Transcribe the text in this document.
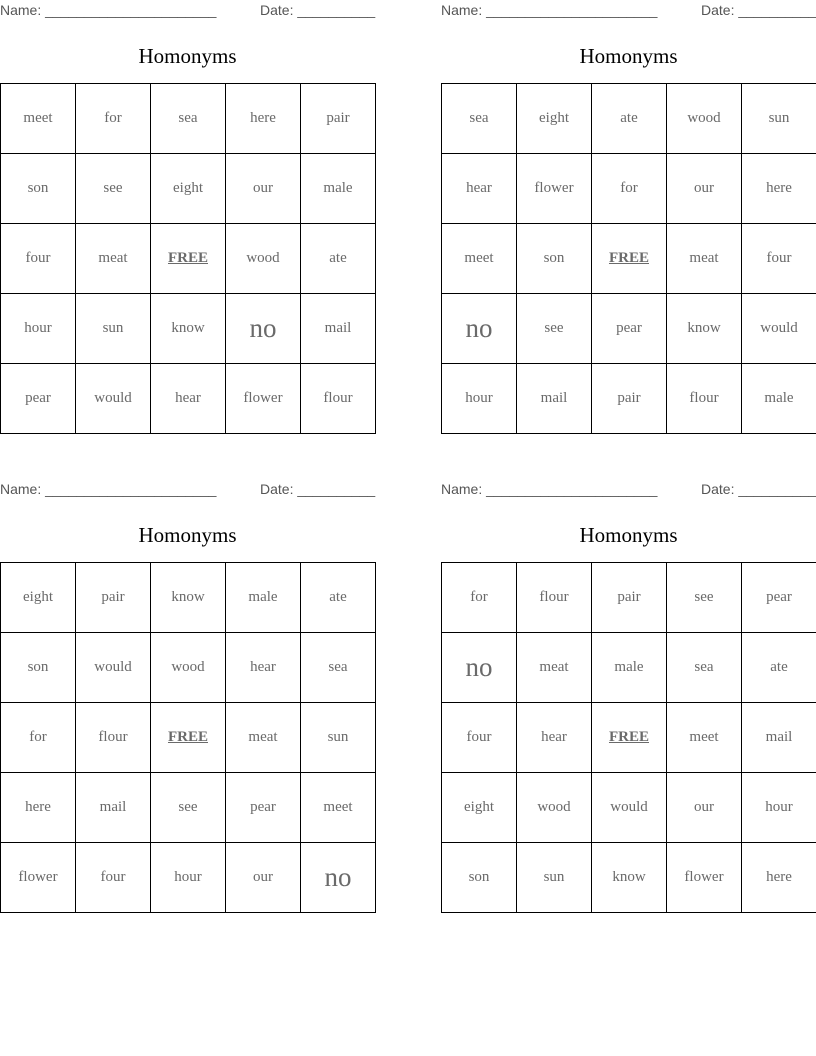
Name: ______________________	Date: __________
Homonyms
meet	for	sea	here	pair
son	see	eight	our	male
four	meat	FREE	wood	ate
hour	sun	know	no	mail
pear	would	hear	flower	flour
Name: ______________________	Date: __________
Homonyms
sea	eight	ate	wood	sun
hear	flower	for	our	here
meet	son	FREE	meat	four
no	see	pear	know	would
hour	mail	pair	flour	male
Name: ______________________	Date: __________
Homonyms
eight	pair	know	male	ate
son	would	wood	hear	sea
for	flour	FREE	meat	sun
here	mail	see	pear	meet
flower	four	hour	our	no
Name: ______________________	Date: __________
Homonyms
for	flour	pair	see	pear
no	meat	male	sea	ate
four	hear	FREE	meet	mail
eight	wood	would	our	hour
son	sun	know	flower	here
